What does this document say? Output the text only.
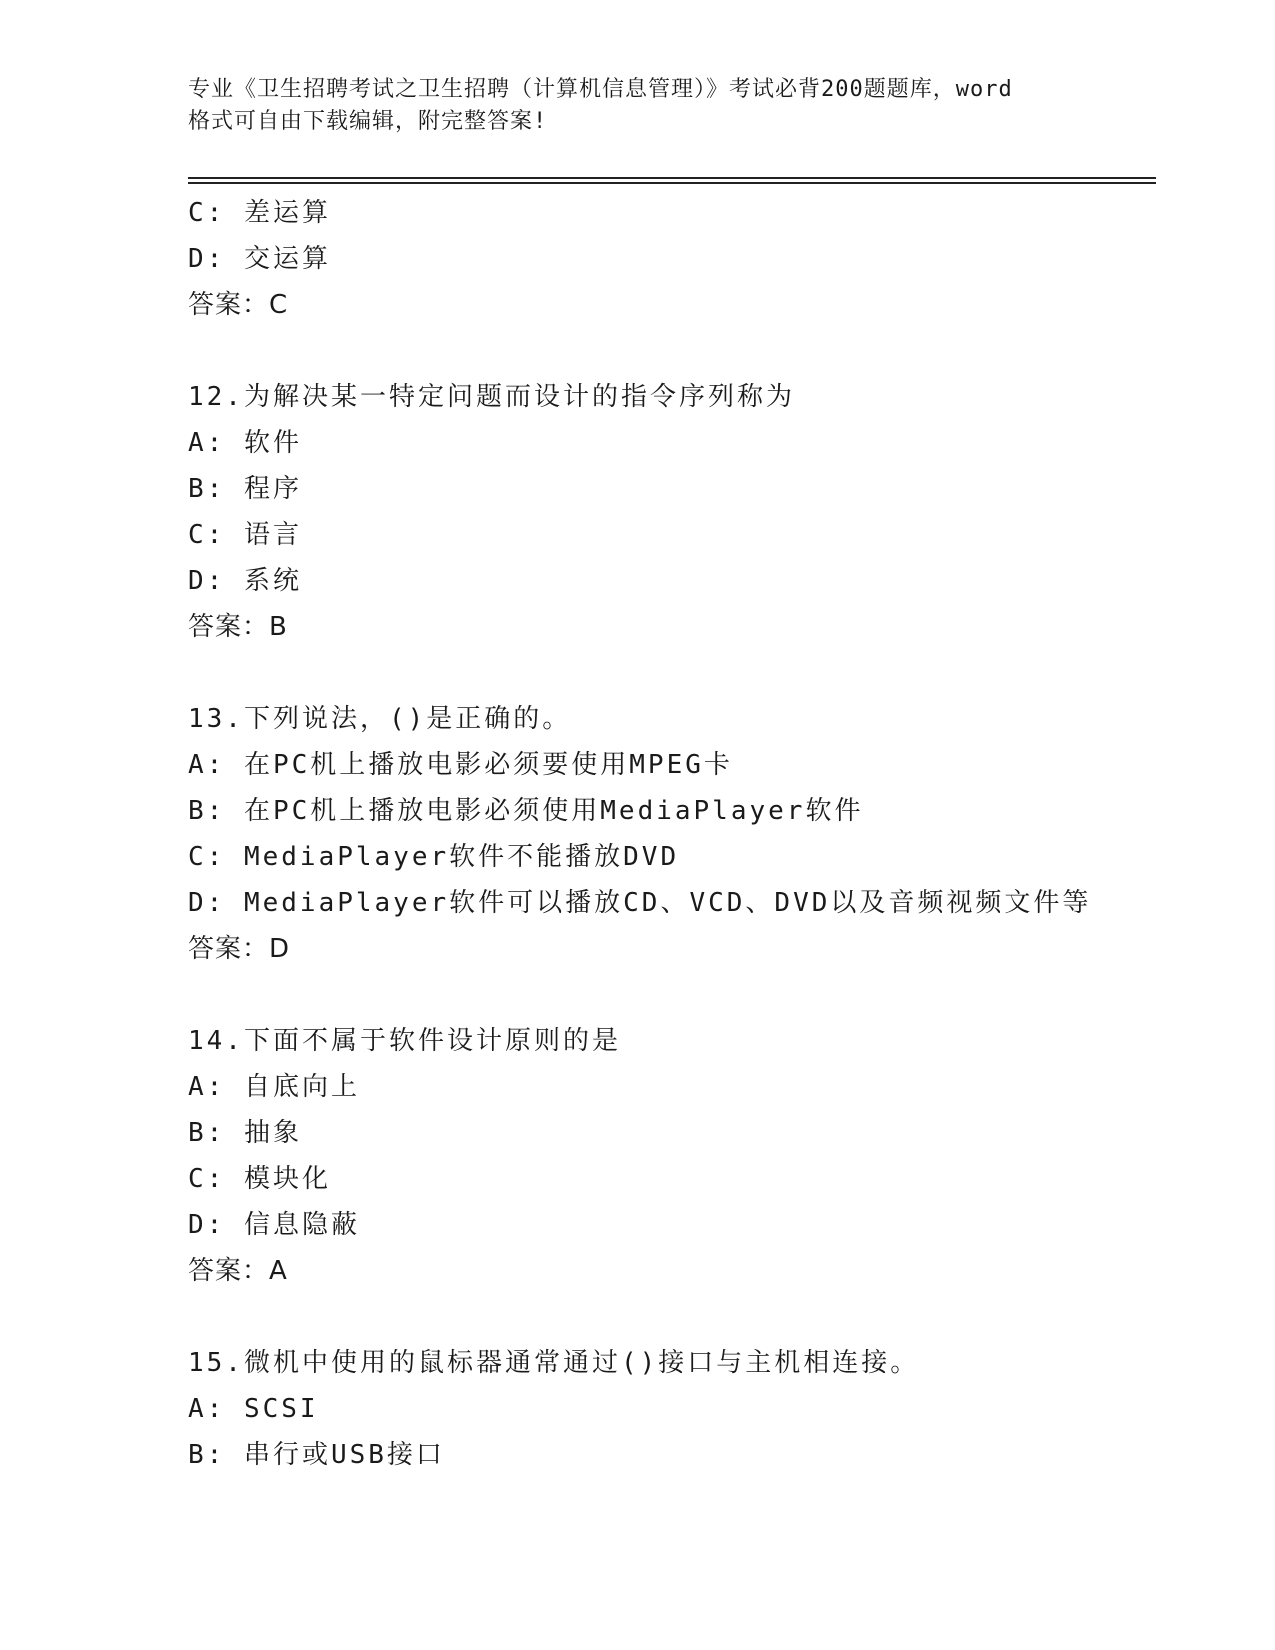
专业《卫生招聘考试之卫生招聘（计算机信息管理）》考试必背200题题库，word
格式可自由下载编辑，附完整答案!
C: 差运算
D: 交运算
答案：C
12.为解决某一特定问题而设计的指令序列称为
A: 软件
B: 程序
C: 语言
D: 系统
答案：B
13.下列说法，()是正确的。
A: 在PC机上播放电影必须要使用MPEG卡
B: 在PC机上播放电影必须使用MediaPlayer软件
C: MediaPlayer软件不能播放DVD
D: MediaPlayer软件可以播放CD、VCD、DVD以及音频视频文件等
答案：D
14.下面不属于软件设计原则的是
A: 自底向上
B: 抽象
C: 模块化
D: 信息隐蔽
答案：A
15.微机中使用的鼠标器通常通过()接口与主机相连接。
A: SCSI
B: 串行或USB接口
